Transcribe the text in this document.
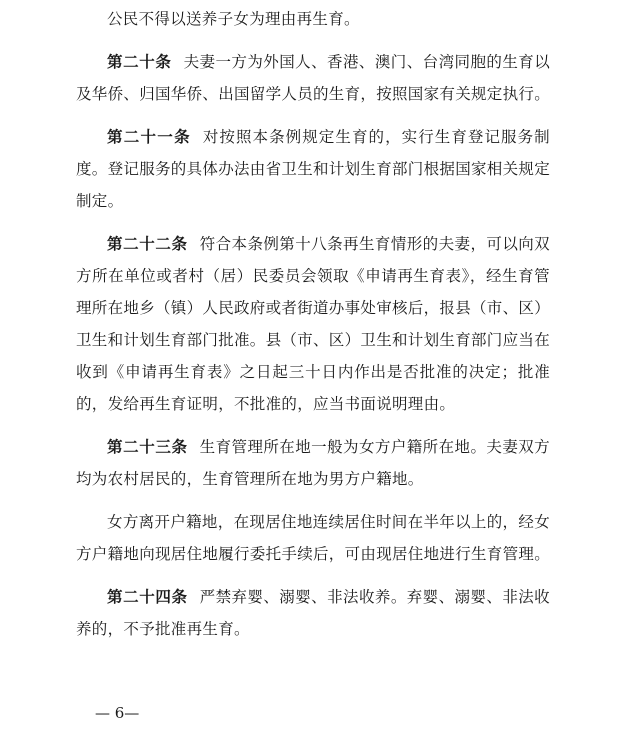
公民不得以送养子女为理由再生育。

第二十条 夫妻一方为外国人、香港、澳门、台湾同胞的生育以及华侨、归国华侨、出国留学人员的生育，按照国家有关规定执行。

第二十一条 对按照本条例规定生育的，实行生育登记服务制度。登记服务的具体办法由省卫生和计划生育部门根据国家相关规定制定。

第二十二条 符合本条例第十八条再生育情形的夫妻，可以向双方所在单位或者村（居）民委员会领取《申请再生育表》，经生育管理所在地乡（镇）人民政府或者街道办事处审核后，报县（市、区）卫生和计划生育部门批准。县（市、区）卫生和计划生育部门应当在收到《申请再生育表》之日起三十日内作出是否批准的决定；批准的，发给再生育证明，不批准的，应当书面说明理由。

第二十三条 生育管理所在地一般为女方户籍所在地。夫妻双方均为农村居民的，生育管理所在地为男方户籍地。

女方离开户籍地，在现居住地连续居住时间在半年以上的，经女方户籍地向现居住地履行委托手续后，可由现居住地进行生育管理。

第二十四条 严禁弃婴、溺婴、非法收养。弃婴、溺婴、非法收养的，不予批准再生育。

— 6—
